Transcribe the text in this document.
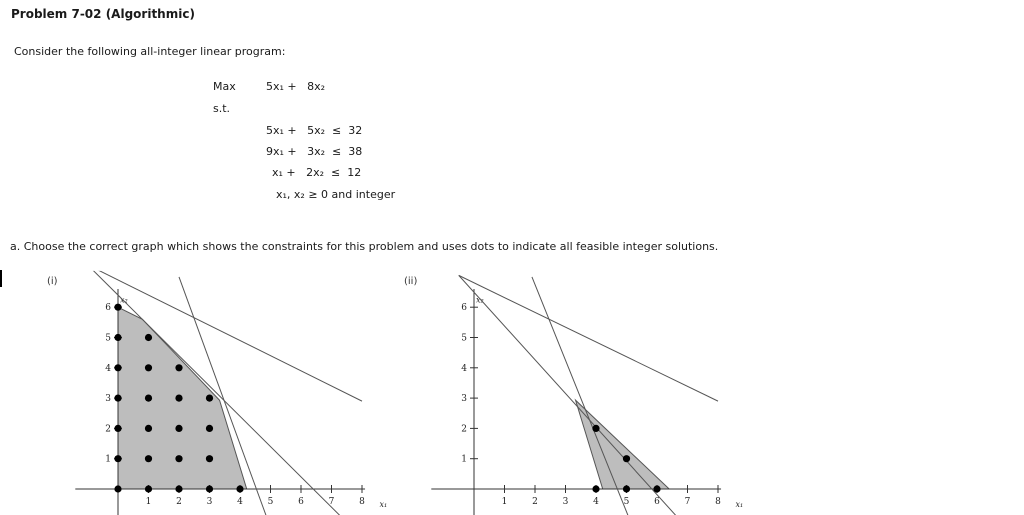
Problem 7-02 (Algorithmic)
Consider the following all-integer linear program:
Max	5x₁ +   8x₂
s.t.
5x₁ +   5x₂  ≤  32
9x₁ +   3x₂  ≤  38
x₁ +   2x₂  ≤  12
x₁, x₂ ≥ 0 and integer
a. Choose the correct graph which shows the constraints for this problem and uses dots to indicate all feasible integer solutions.
(i)	(ii)
1	2	3	4	5	6	7	8
1
2
3
4
5
6
x₁
x₂
1	2	3	4	5	6	7	8
1
2
3
4
5
6
x₁
x₂
